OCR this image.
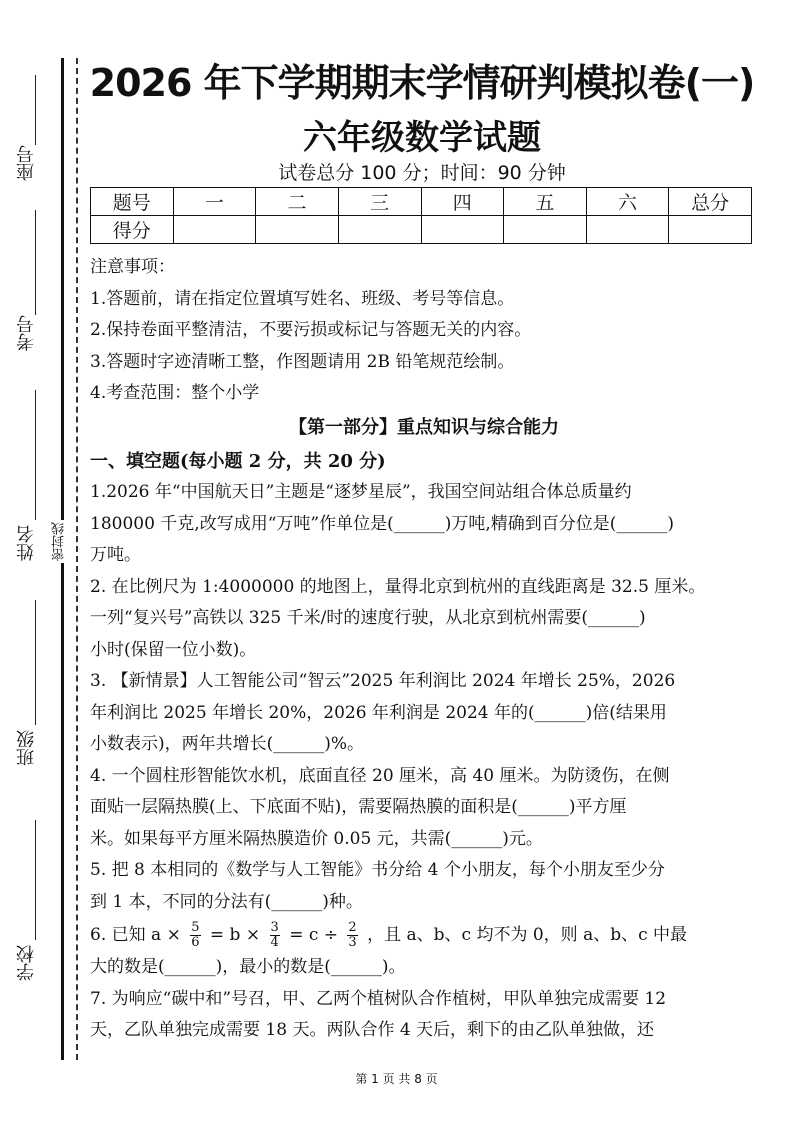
座号
考号
姓名
班级
学校
密封线
2026 年下学期期末学情研判模拟卷(一)
六年级数学试题
试卷总分 100 分；时间：90 分钟
题号	一	二	三	四	五	六	总分
得分							
注意事项：
1.答题前，请在指定位置填写姓名、班级、考号等信息。
2.保持卷面平整清洁，不要污损或标记与答题无关的内容。
3.答题时字迹清晰工整，作图题请用 2B 铅笔规范绘制。
4.考查范围：整个小学
【第一部分】重点知识与综合能力
一、填空题(每小题 2 分，共 20 分)
1.2026 年“中国航天日”主题是“逐梦星辰”，我国空间站组合体总质量约
180000 千克,改写成用“万吨”作单位是(______)万吨,精确到百分位是(______)
万吨。
2. 在比例尺为 1:4000000 的地图上，量得北京到杭州的直线距离是 32.5 厘米。
一列“复兴号”高铁以 325 千米/时的速度行驶，从北京到杭州需要(______)
小时(保留一位小数)。
3. 【新情景】人工智能公司“智云”2025 年利润比 2024 年增长 25%，2026
年利润比 2025 年增长 20%，2026 年利润是 2024 年的(______)倍(结果用
小数表示)，两年共增长(______)%。
4. 一个圆柱形智能饮水机，底面直径 20 厘米，高 40 厘米。为防烫伤，在侧
面贴一层隔热膜(上、下底面不贴)，需要隔热膜的面积是(______)平方厘
米。如果每平方厘米隔热膜造价 0.05 元，共需(______)元。
5. 把 8 本相同的《数学与人工智能》书分给 4 个小朋友，每个小朋友至少分
到 1 本，不同的分法有(______)种。
6. 已知 $a \times \frac{5}{6} = b \times \frac{3}{4} = c \div \frac{2}{3}$ ，且 a、b、c 均不为 0，则 a、b、c 中最
大的数是(______)，最小的数是(______)。
7. 为响应“碳中和”号召，甲、乙两个植树队合作植树，甲队单独完成需要 12
天，乙队单独完成需要 18 天。两队合作 4 天后，剩下的由乙队单独做，还
第 1 页 共 8 页
